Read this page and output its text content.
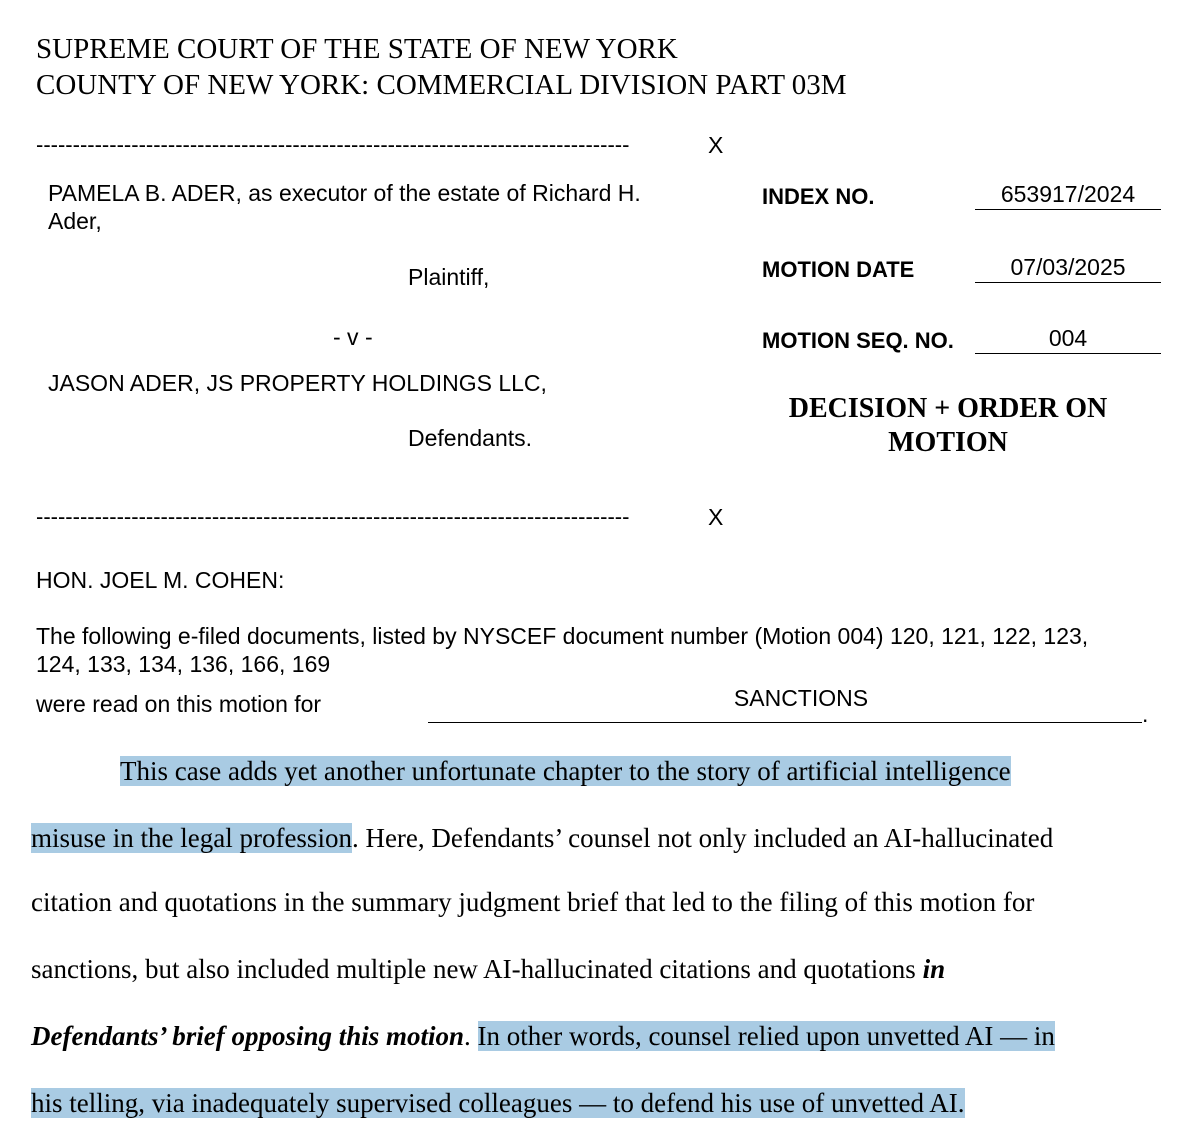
SUPREME COURT OF THE STATE OF NEW YORK
COUNTY OF NEW YORK: COMMERCIAL DIVISION PART 03M
---------------------------------------------------------------------------------	X
PAMELA B. ADER, as executor of the estate of Richard H.
Ader,
Plaintiff,
- v -
JASON ADER, JS PROPERTY HOLDINGS LLC,
Defendants.
INDEX NO.	653917/2024
MOTION DATE	07/03/2025
MOTION SEQ. NO.	004
DECISION + ORDER ON
MOTION
---------------------------------------------------------------------------------	X
HON. JOEL M. COHEN:
The following e-filed documents, listed by NYSCEF document number (Motion 004) 120, 121, 122, 123,
124, 133, 134, 136, 166, 169
were read on this motion for	SANCTIONS
.
This case adds yet another unfortunate chapter to the story of artificial intelligence
misuse in the legal profession. Here, Defendants’ counsel not only included an AI-hallucinated
citation and quotations in the summary judgment brief that led to the filing of this motion for
sanctions, but also included multiple new AI-hallucinated citations and quotations in
Defendants’ brief opposing this motion. In other words, counsel relied upon unvetted AI — in
his telling, via inadequately supervised colleagues — to defend his use of unvetted AI.
